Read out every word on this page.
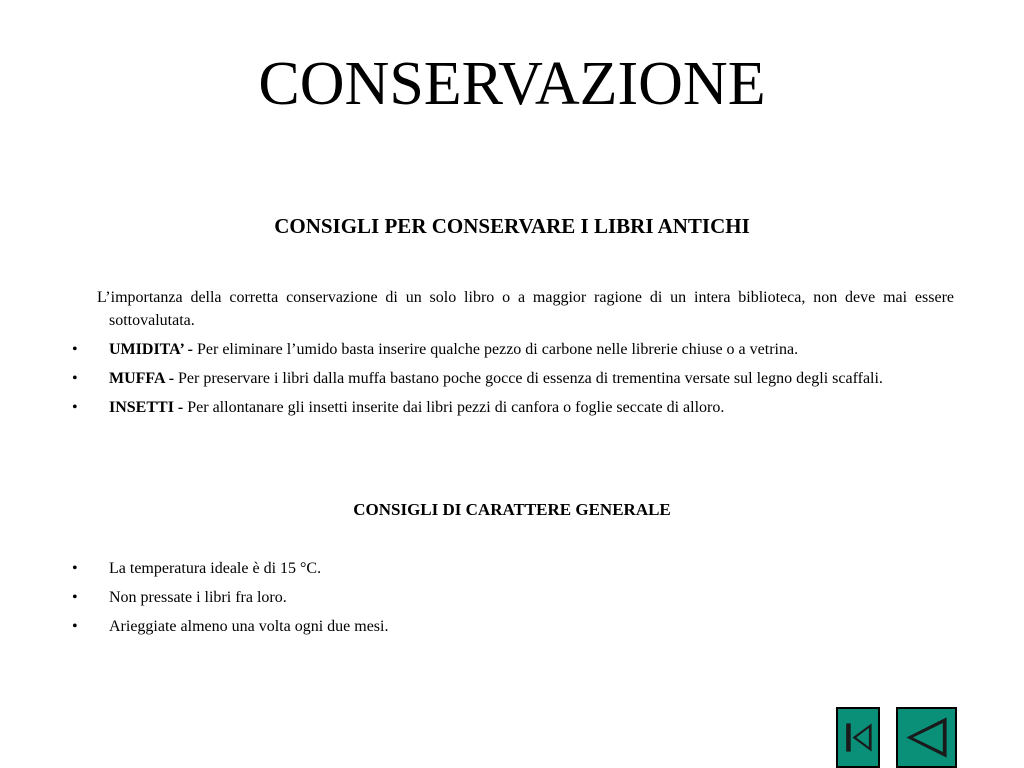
CONSERVAZIONE
CONSIGLI PER CONSERVARE I LIBRI ANTICHI

L’importanza della corretta conservazione di un solo libro o a maggior ragione di un intera biblioteca, non deve mai essere sottovalutata.

• UMIDITA’ - Per eliminare l’umido basta inserire qualche pezzo di carbone nelle librerie chiuse o a vetrina.
• MUFFA - Per preservare i libri dalla muffa bastano poche gocce di essenza di trementina versate sul legno degli scaffali.
• INSETTI - Per allontanare gli insetti inserite dai libri pezzi di canfora o foglie seccate di alloro.
CONSIGLI DI CARATTERE GENERALE
• La temperatura ideale è di 15 °C.
• Non pressate i libri fra loro.
• Arieggiate almeno una volta ogni due mesi.
